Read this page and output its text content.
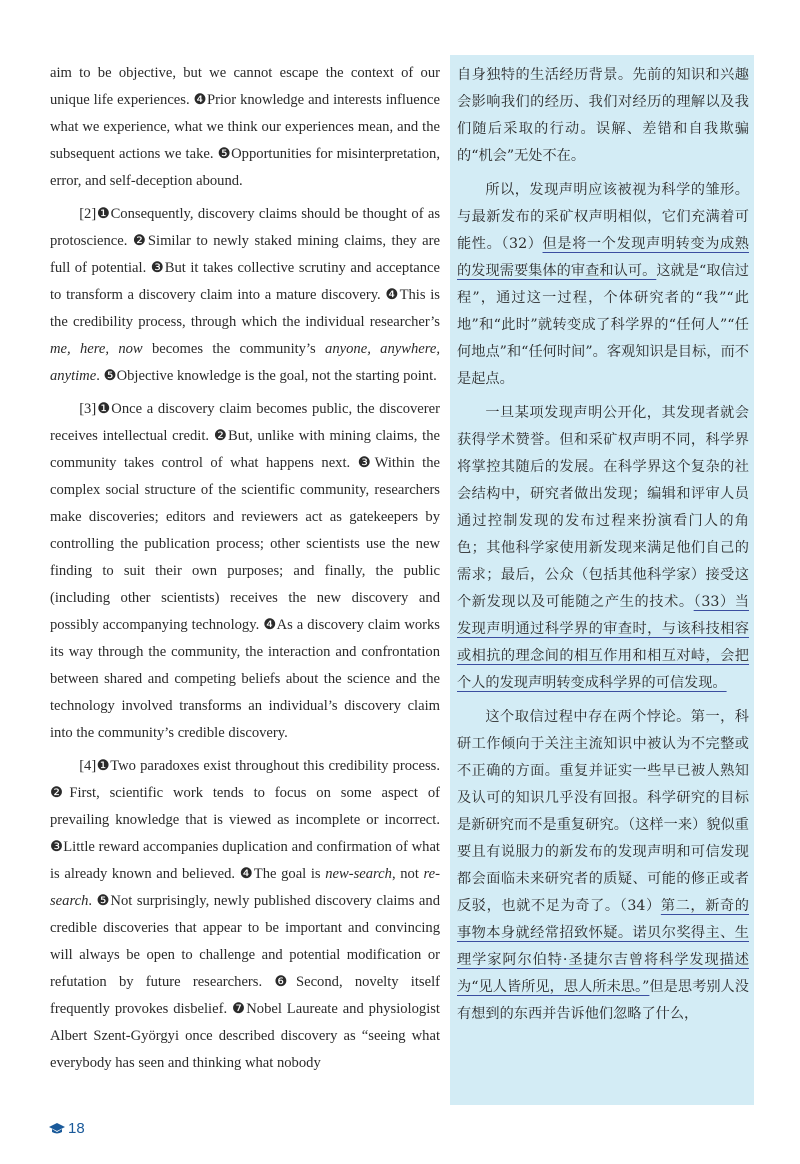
aim to be objective, but we cannot escape the context of our unique life experiences. ❹Prior knowledge and interests influence what we experience, what we think our experiences mean, and the subsequent actions we take. ❺Opportunities for misinterpretation, error, and self-deception abound.

[2]❶Consequently, discovery claims should be thought of as protoscience. ❷Similar to newly staked mining claims, they are full of potential. ❸But it takes collective scrutiny and acceptance to transform a discovery claim into a mature discovery. ❹This is the credibility process, through which the individual researcher’s me, here, now becomes the community’s anyone, anywhere, anytime. ❺Objective knowledge is the goal, not the starting point.

[3]❶Once a discovery claim becomes public, the discoverer receives intellectual credit. ❷But, unlike with mining claims, the community takes control of what happens next. ❸Within the complex social structure of the scientific community, researchers make discoveries; editors and reviewers act as gatekeepers by controlling the publication process; other scientists use the new finding to suit their own purposes; and finally, the public (including other scientists) receives the new discovery and possibly accompanying technology. ❹As a discovery claim works its way through the community, the interaction and confrontation between shared and competing beliefs about the science and the technology involved transforms an individual’s discovery claim into the community’s credible discovery.

[4]❶Two paradoxes exist throughout this credibility process. ❷First, scientific work tends to focus on some aspect of prevailing knowledge that is viewed as incomplete or incorrect. ❸Little reward accompanies duplication and confirmation of what is already known and believed. ❹The goal is new-search, not re-search. ❺Not surprisingly, newly published discovery claims and credible discoveries that appear to be important and convincing will always be open to challenge and potential modification or refutation by future researchers. ❻Second, novelty itself frequently provokes disbelief. ❼Nobel Laureate and physiologist Albert Szent-Györgyi once described discovery as “seeing what everybody has seen and thinking what nobody

自身独特的生活经历背景。先前的知识和兴趣会影响我们的经历、我们对经历的理解以及我们随后采取的行动。误解、差错和自我欺骗的“机会”无处不在。

所以，发现声明应该被视为科学的雏形。与最新发布的采矿权声明相似，它们充满着可能性。（32）但是将一个发现声明转变为成熟的发现需要集体的审查和认可。这就是“取信过程”，通过这一过程，个体研究者的“我”“此地”和“此时”就转变成了科学界的“任何人”“任何地点”和“任何时间”。客观知识是目标，而不是起点。

一旦某项发现声明公开化，其发现者就会获得学术赞誉。但和采矿权声明不同，科学界将掌控其随后的发展。在科学界这个复杂的社会结构中，研究者做出发现；编辑和评审人员通过控制发现的发布过程来扮演看门人的角色；其他科学家使用新发现来满足他们自己的需求；最后，公众（包括其他科学家）接受这个新发现以及可能随之产生的技术。（33）当发现声明通过科学界的审查时，与该科技相容或相抗的理念间的相互作用和相互对峙，会把个人的发现声明转变成科学界的可信发现。

这个取信过程中存在两个悖论。第一，科研工作倾向于关注主流知识中被认为不完整或不正确的方面。重复并证实一些早已被人熟知及认可的知识几乎没有回报。科学研究的目标是新研究而不是重复研究。（这样一来）貌似重要且有说服力的新发布的发现声明和可信发现都会面临未来研究者的质疑、可能的修正或者反驳，也就不足为奇了。（34）第二，新奇的事物本身就经常招致怀疑。诺贝尔奖得主、生理学家阿尔伯特·圣捷尔吉曾将科学发现描述为“见人皆所见，思人所未思。”但是思考别人没有想到的东西并告诉他们忽略了什么，

18
